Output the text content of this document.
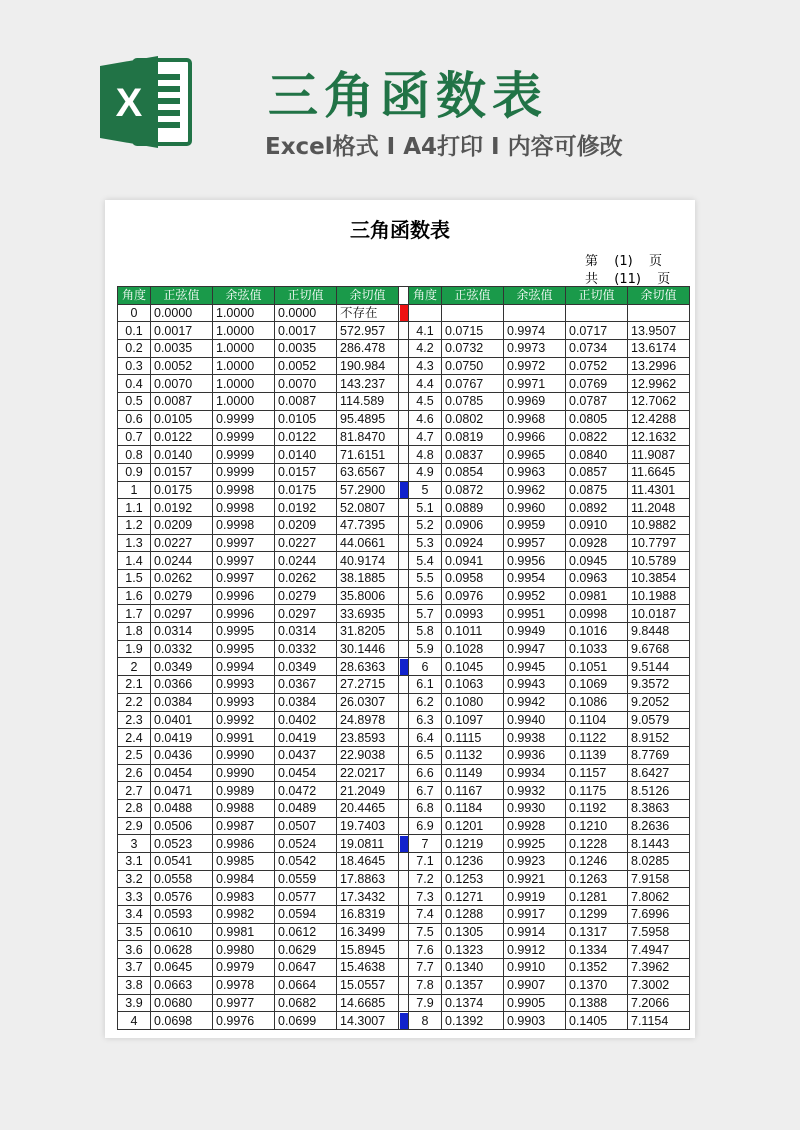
X	三角函数表
Excel格式 I A4打印 I 内容可修改
三角函数表
第 (1) 页
共 (11) 页
角度	正弦值	余弦值	正切值	余切值		角度	正弦值	余弦值	正切值	余切值
0	0.0000	1.0000	0.0000	不存在	

0.1	0.0017	1.0000	0.0017	572.957		4.1	0.0715	0.9974	0.0717	13.9507
0.2	0.0035	1.0000	0.0035	286.478		4.2	0.0732	0.9973	0.0734	13.6174
0.3	0.0052	1.0000	0.0052	190.984		4.3	0.0750	0.9972	0.0752	13.2996
0.4	0.0070	1.0000	0.0070	143.237		4.4	0.0767	0.9971	0.0769	12.9962
0.5	0.0087	1.0000	0.0087	114.589		4.5	0.0785	0.9969	0.0787	12.7062
0.6	0.0105	0.9999	0.0105	95.4895		4.6	0.0802	0.9968	0.0805	12.4288
0.7	0.0122	0.9999	0.0122	81.8470		4.7	0.0819	0.9966	0.0822	12.1632
0.8	0.0140	0.9999	0.0140	71.6151		4.8	0.0837	0.9965	0.0840	11.9087
0.9	0.0157	0.9999	0.0157	63.6567		4.9	0.0854	0.9963	0.0857	11.6645
1	0.0175	0.9998	0.0175	57.2900		5	0.0872	0.9962	0.0875	11.4301
1.1	0.0192	0.9998	0.0192	52.0807		5.1	0.0889	0.9960	0.0892	11.2048
1.2	0.0209	0.9998	0.0209	47.7395		5.2	0.0906	0.9959	0.0910	10.9882
1.3	0.0227	0.9997	0.0227	44.0661		5.3	0.0924	0.9957	0.0928	10.7797
1.4	0.0244	0.9997	0.0244	40.9174		5.4	0.0941	0.9956	0.0945	10.5789
1.5	0.0262	0.9997	0.0262	38.1885		5.5	0.0958	0.9954	0.0963	10.3854
1.6	0.0279	0.9996	0.0279	35.8006		5.6	0.0976	0.9952	0.0981	10.1988
1.7	0.0297	0.9996	0.0297	33.6935		5.7	0.0993	0.9951	0.0998	10.0187
1.8	0.0314	0.9995	0.0314	31.8205		5.8	0.1011	0.9949	0.1016	9.8448
1.9	0.0332	0.9995	0.0332	30.1446		5.9	0.1028	0.9947	0.1033	9.6768
2	0.0349	0.9994	0.0349	28.6363		6	0.1045	0.9945	0.1051	9.5144
2.1	0.0366	0.9993	0.0367	27.2715		6.1	0.1063	0.9943	0.1069	9.3572
2.2	0.0384	0.9993	0.0384	26.0307		6.2	0.1080	0.9942	0.1086	9.2052
2.3	0.0401	0.9992	0.0402	24.8978		6.3	0.1097	0.9940	0.1104	9.0579
2.4	0.0419	0.9991	0.0419	23.8593		6.4	0.1115	0.9938	0.1122	8.9152
2.5	0.0436	0.9990	0.0437	22.9038		6.5	0.1132	0.9936	0.1139	8.7769
2.6	0.0454	0.9990	0.0454	22.0217		6.6	0.1149	0.9934	0.1157	8.6427
2.7	0.0471	0.9989	0.0472	21.2049		6.7	0.1167	0.9932	0.1175	8.5126
2.8	0.0488	0.9988	0.0489	20.4465		6.8	0.1184	0.9930	0.1192	8.3863
2.9	0.0506	0.9987	0.0507	19.7403		6.9	0.1201	0.9928	0.1210	8.2636
3	0.0523	0.9986	0.0524	19.0811		7	0.1219	0.9925	0.1228	8.1443
3.1	0.0541	0.9985	0.0542	18.4645		7.1	0.1236	0.9923	0.1246	8.0285
3.2	0.0558	0.9984	0.0559	17.8863		7.2	0.1253	0.9921	0.1263	7.9158
3.3	0.0576	0.9983	0.0577	17.3432		7.3	0.1271	0.9919	0.1281	7.8062
3.4	0.0593	0.9982	0.0594	16.8319		7.4	0.1288	0.9917	0.1299	7.6996
3.5	0.0610	0.9981	0.0612	16.3499		7.5	0.1305	0.9914	0.1317	7.5958
3.6	0.0628	0.9980	0.0629	15.8945		7.6	0.1323	0.9912	0.1334	7.4947
3.7	0.0645	0.9979	0.0647	15.4638		7.7	0.1340	0.9910	0.1352	7.3962
3.8	0.0663	0.9978	0.0664	15.0557		7.8	0.1357	0.9907	0.1370	7.3002
3.9	0.0680	0.9977	0.0682	14.6685		7.9	0.1374	0.9905	0.1388	7.2066
4	0.0698	0.9976	0.0699	14.3007		8	0.1392	0.9903	0.1405	7.1154
